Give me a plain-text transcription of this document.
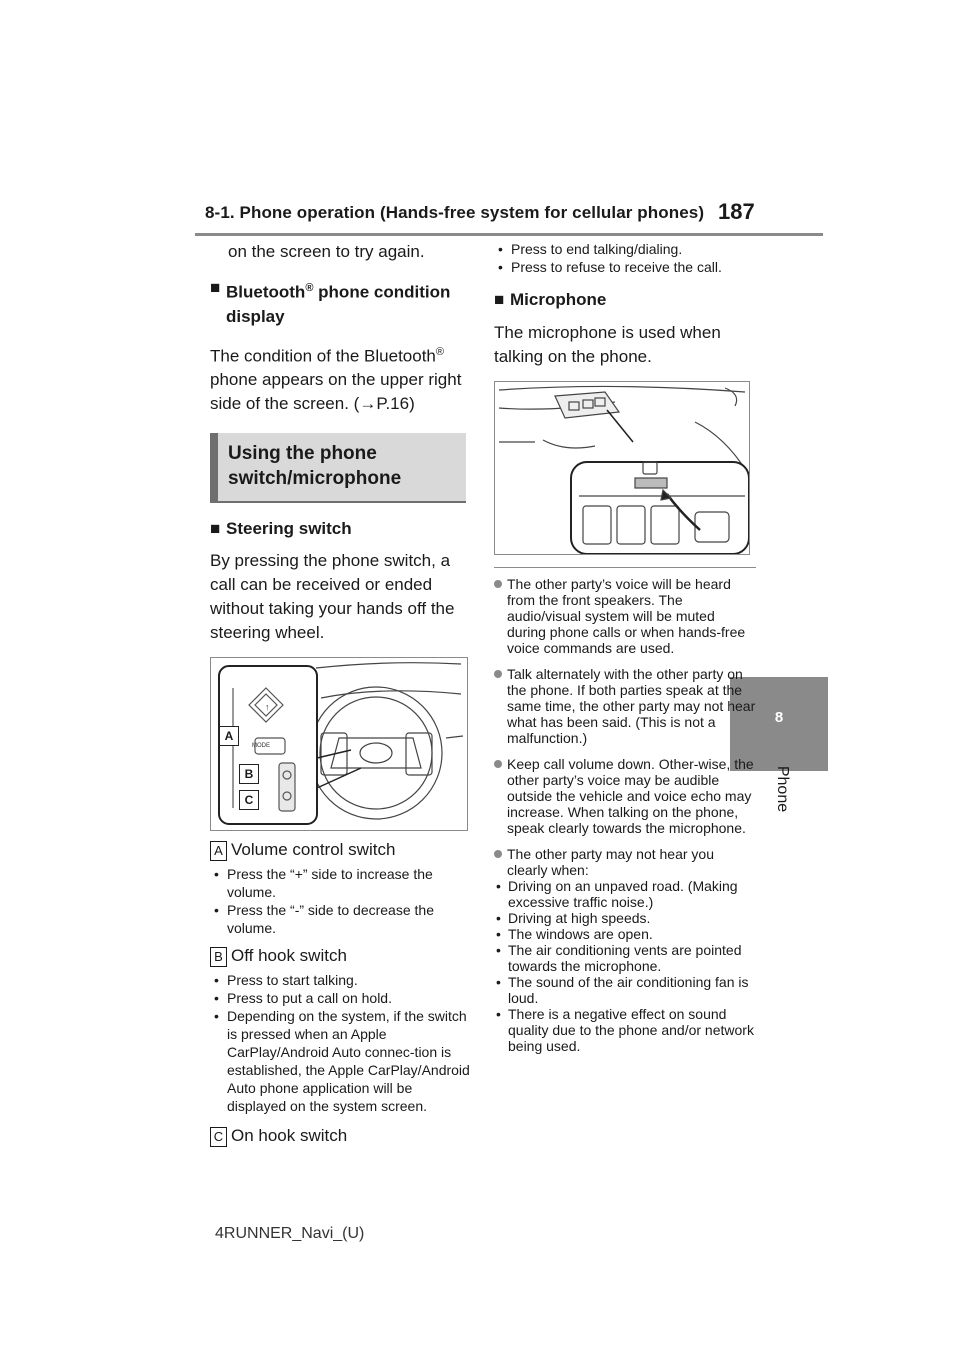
8-1. Phone operation (Hands-free system for cellular phones) 187
8
Phone

on the screen to try again.

■ Bluetooth® phone condition display

The condition of the Bluetooth® phone appears on the upper right side of the screen. (→P.16)

Using the phone switch/microphone
■ Steering switch

By pressing the phone switch, a call can be received or ended without taking your hands off the steering wheel.

MODE
↑
A
B
C

A Volume control switch

• Press the “+” side to increase the volume.
• Press the “-” side to decrease the volume.

B Off hook switch

• Press to start talking.
• Press to put a call on hold.
• Depending on the system, if the switch is pressed when an Apple CarPlay/Android Auto connec-tion is established, the Apple CarPlay/Android Auto phone application will be displayed on the system screen.

C On hook switch

• Press to end talking/dialing.
• Press to refuse to receive the call.
■ Microphone

The microphone is used when talking on the phone.

The other party’s voice will be heard from the front speakers. The audio/visual system will be muted during phone calls or when hands-free voice commands are used.
Talk alternately with the other party on the phone. If both parties speak at the same time, the other party may not hear what has been said. (This is not a malfunction.)
Keep call volume down. Other-wise, the other party’s voice may be audible outside the vehicle and voice echo may increase. When talking on the phone, speak clearly towards the microphone.
The other party may not hear you clearly when:
• Driving on an unpaved road. (Making excessive traffic noise.)
• Driving at high speeds.
• The windows are open.
• The air conditioning vents are pointed towards the microphone.
• The sound of the air conditioning fan is loud.
• There is a negative effect on sound quality due to the phone and/or network being used.
4RUNNER_Navi_(U)
